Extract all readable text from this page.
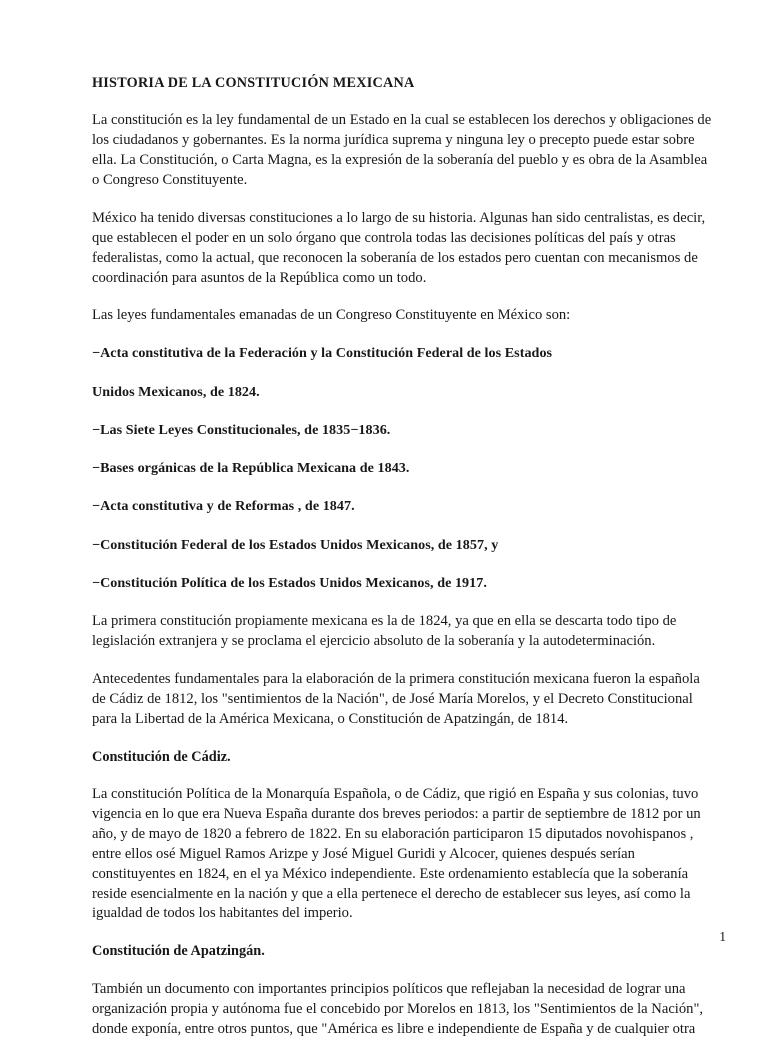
HISTORIA DE LA CONSTITUCIÓN MEXICANA

La constitución es la ley fundamental de un Estado en la cual se establecen los derechos y obligaciones de los ciudadanos y gobernantes. Es la norma jurídica suprema y ninguna ley o precepto puede estar sobre ella. La Constitución, o Carta Magna, es la expresión de la soberanía del pueblo y es obra de la Asamblea o Congreso Constituyente.

México ha tenido diversas constituciones a lo largo de su historia. Algunas han sido centralistas, es decir, que establecen el poder en un solo órgano que controla todas las decisiones políticas del país y otras federalistas, como la actual, que reconocen la soberanía de los estados pero cuentan con mecanismos de coordinación para asuntos de la República como un todo.

Las leyes fundamentales emanadas de un Congreso Constituyente en México son:

−Acta constitutiva de la Federación y la Constitución Federal de los Estados

Unidos Mexicanos, de 1824.

−Las Siete Leyes Constitucionales, de 1835−1836.

−Bases orgánicas de la República Mexicana de 1843.

−Acta constitutiva y de Reformas , de 1847.

−Constitución Federal de los Estados Unidos Mexicanos, de 1857, y

−Constitución Política de los Estados Unidos Mexicanos, de 1917.

La primera constitución propiamente mexicana es la de 1824, ya que en ella se descarta todo tipo de legislación extranjera y se proclama el ejercicio absoluto de la soberanía y la autodeterminación.

Antecedentes fundamentales para la elaboración de la primera constitución mexicana fueron la española de Cádiz de 1812, los "sentimientos de la Nación", de José María Morelos, y el Decreto Constitucional para la Libertad de la América Mexicana, o Constitución de Apatzingán, de 1814.

Constitución de Cádiz.

La constitución Política de la Monarquía Española, o de Cádiz, que rigió en España y sus colonias, tuvo vigencia en lo que era Nueva España durante dos breves periodos: a partir de septiembre de 1812 por un año, y de mayo de 1820 a febrero de 1822. En su elaboración participaron 15 diputados novohispanos , entre ellos osé Miguel Ramos Arizpe y José Miguel Guridi y Alcocer, quienes después serían constituyentes en 1824, en el ya México independiente. Este ordenamiento establecía que la soberanía reside esencialmente en la nación y que a ella pertenece el derecho de establecer sus leyes, así como la igualdad de todos los habitantes del imperio.

Constitución de Apatzingán.

También un documento con importantes principios políticos que reflejaban la necesidad de lograr una organización propia y autónoma fue el concebido por Morelos en 1813, los "Sentimientos de la Nación", donde exponía, entre otros puntos, que "América es libre e independiente de España y de cualquier otra

1
